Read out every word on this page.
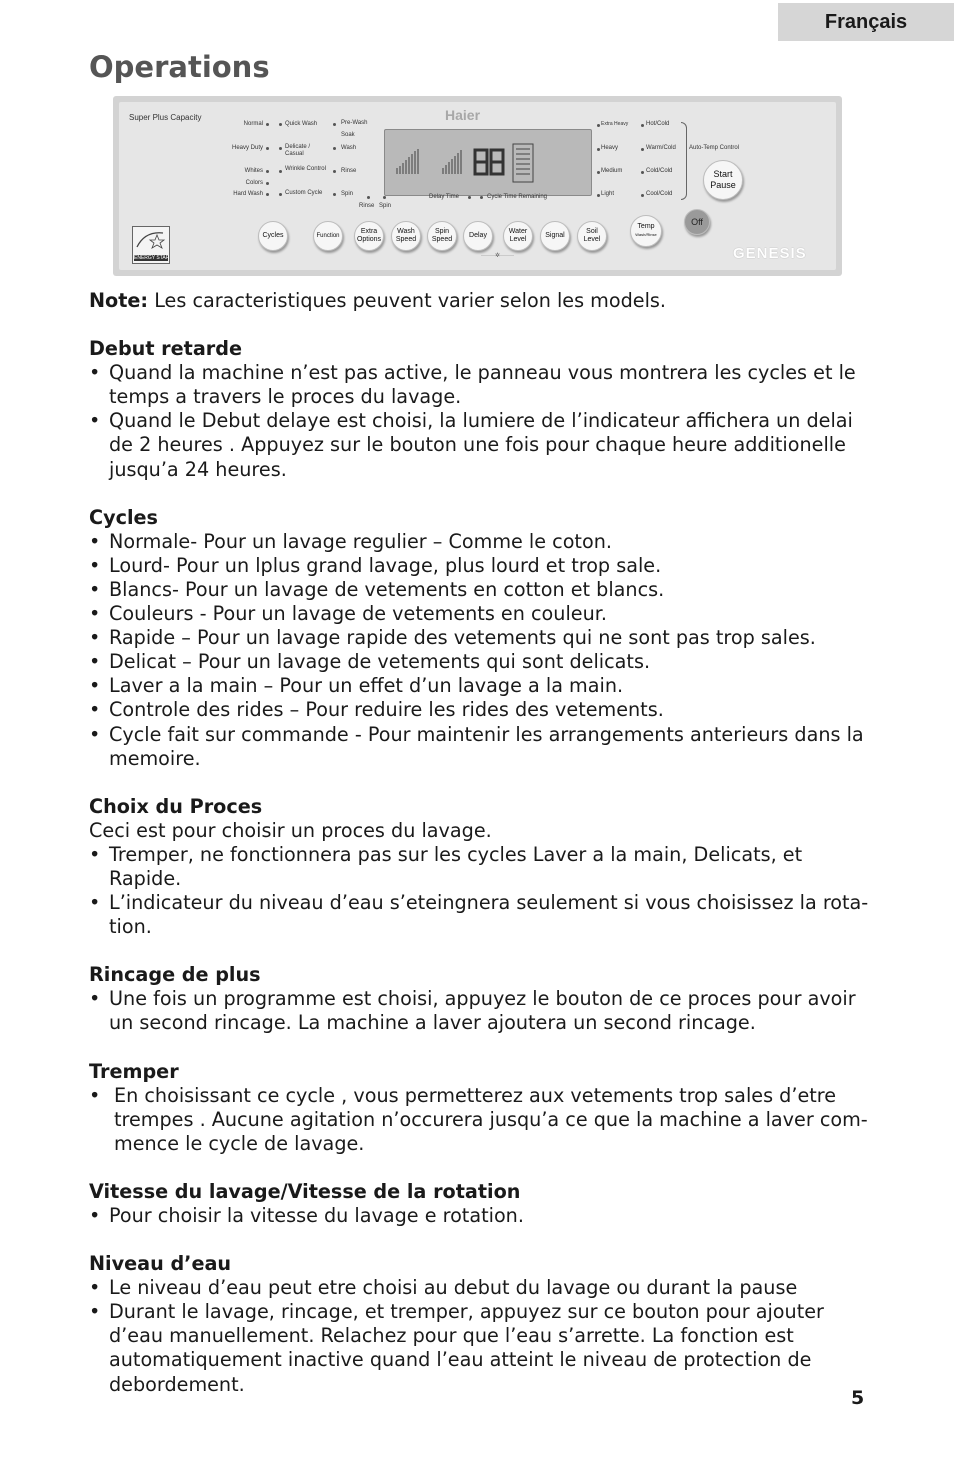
Français
Operations
Super Plus Capacity	Haier
Normal
Heavy Duty
Whites
Colors
Hard Wash
Quick Wash
Delicate / Casual
Wrinkle Control
Custom Cycle
Pre-Wash
Soak
Wash
Rinse
Spin
Rinse Spin
Delay Time	Cycle Time Remaining
Extra Heavy
Heavy
Medium
Light
Hot/Cold
Warm/Cold
Cold/Cold
Cool/Cold
Auto-Temp Control
Start Pause
Off
ENERGY STAR
Cycles	Function
Extra Options
Wash Speed
Spin Speed
Delay
Water Level
Signal
Soil Level
Temp
Wash/Rinse
·······✲·······	GENESIS

Note: Les caracteristiques peuvent varier selon les models.

Debut retarde

• Quand la machine n’est pas active, le panneau vous montrera les cycles et le temps a travers le proces du lavage.

• Quand le Debut delaye est choisi, la lumiere de l’indicateur affichera un delai de 2 heures . Appuyez sur le bouton une fois pour chaque heure additionelle jusqu’a 24 heures.

Cycles

• Normale- Pour un lavage regulier – Comme le coton.

• Lourd- Pour un lplus grand lavage, plus lourd et trop sale.

• Blancs- Pour un lavage de vetements en cotton et blancs.

• Couleurs - Pour un lavage de vetements en couleur.

• Rapide – Pour un lavage rapide des vetements qui ne sont pas trop sales.

• Delicat – Pour un lavage de vetements qui sont delicats.

• Laver a la main – Pour un effet d’un lavage a la main.

• Controle des rides – Pour reduire les rides des vetements.

• Cycle fait sur commande - Pour maintenir les arrangements anterieurs dans la memoire.

Choix du Proces

Ceci est pour choisir un proces du lavage.

• Tremper, ne fonctionnera pas sur les cycles Laver a la main, Delicats, et Rapide.

• L’indicateur du niveau d’eau s’eteingnera seulement si vous choisissez la rota-tion.

Rincage de plus

• Une fois un programme est choisi, appuyez le bouton de ce proces pour avoir un second rincage. La machine a laver ajoutera un second rincage.

Tremper

• En choisissant ce cycle , vous permetterez aux vetements trop sales d’etre trempes . Aucune agitation n’occurera jusqu’a ce que la machine a laver com-mence le cycle de lavage.

Vitesse du lavage/Vitesse de la rotation

• Pour choisir la vitesse du lavage e rotation.

Niveau d’eau

• Le niveau d’eau peut etre choisi au debut du lavage ou durant la pause

• Durant le lavage, rincage, et tremper, appuyez sur ce bouton pour ajouter d’eau manuellement. Relachez pour que l’eau s’arrette. La fonction est automatiquement inactive quand l’eau atteint le niveau de protection de debordement.

5
